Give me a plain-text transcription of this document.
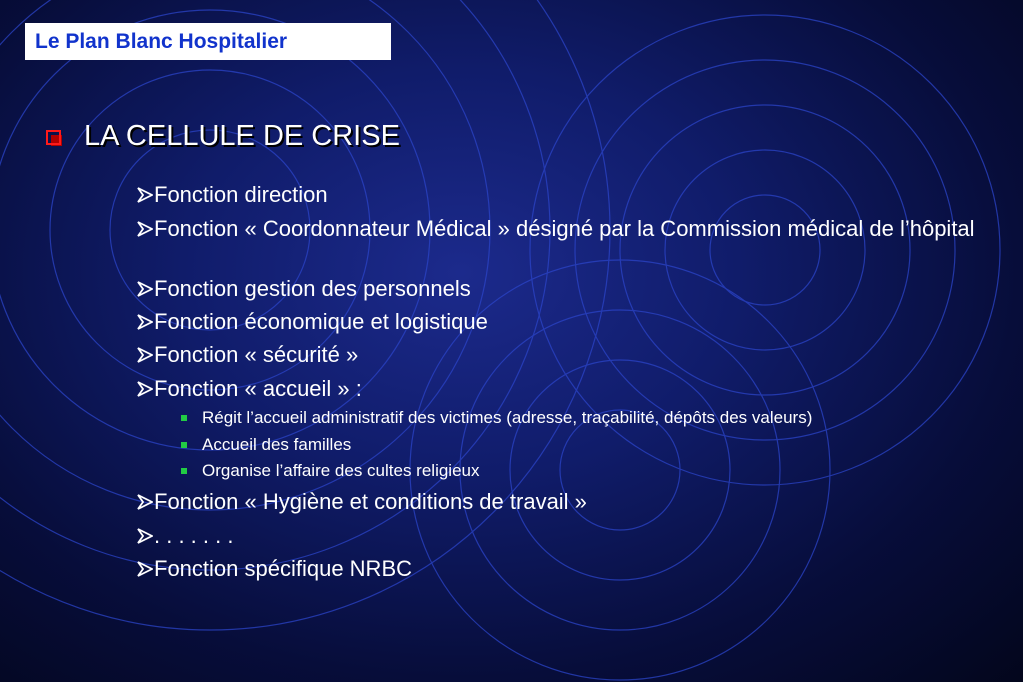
Le Plan Blanc Hospitalier
LA CELLULE DE CRISE
Fonction direction
Fonction « Coordonnateur Médical » désigné par la Commission médical de l’hôpital
Fonction gestion des personnels
Fonction économique et logistique
Fonction « sécurité »
Fonction « accueil » :
Régit l’accueil administratif des victimes (adresse, traçabilité, dépôts des valeurs)
Accueil des familles
Organise l’affaire des cultes religieux
Fonction « Hygiène et conditions de travail »
. . . . . . .
Fonction spécifique NRBC
